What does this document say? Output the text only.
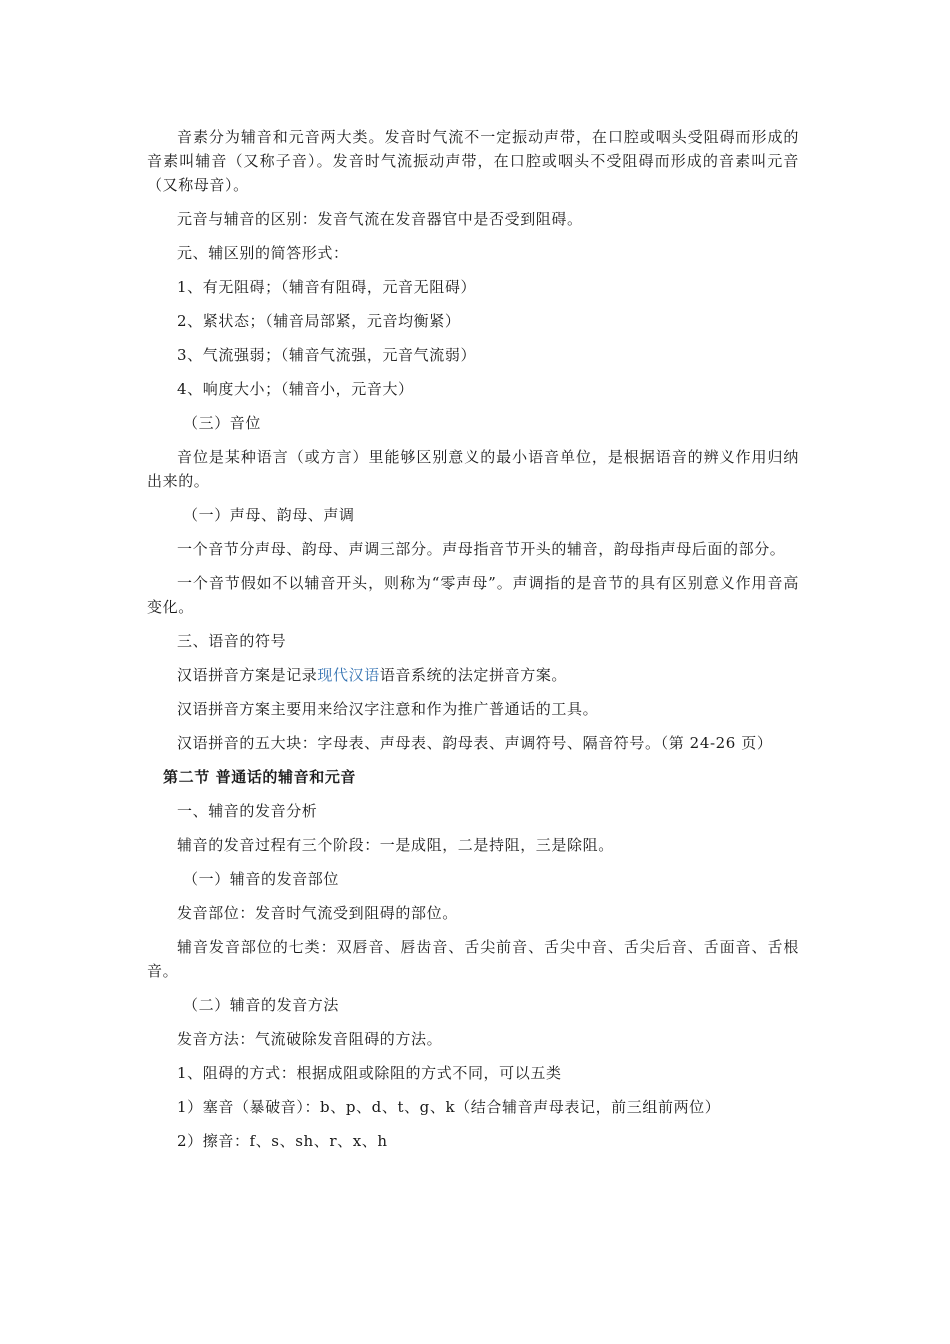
音素分为辅音和元音两大类。发音时气流不一定振动声带，在口腔或咽头受阻碍而形成的音素叫辅音（又称子音）。发音时气流振动声带，在口腔或咽头不受阻碍而形成的音素叫元音（又称母音）。

元音与辅音的区别：发音气流在发音器官中是否受到阻碍。

元、辅区别的简答形式：

1、有无阻碍；（辅音有阻碍，元音无阻碍）

2、紧状态；（辅音局部紧，元音均衡紧）

3、气流强弱；（辅音气流强，元音气流弱）

4、响度大小；（辅音小，元音大）

（三）音位

音位是某种语言（或方言）里能够区别意义的最小语音单位，是根据语音的辨义作用归纳出来的。

（一）声母、韵母、声调

一个音节分声母、韵母、声调三部分。声母指音节开头的辅音，韵母指声母后面的部分。

一个音节假如不以辅音开头，则称为“零声母”。声调指的是音节的具有区别意义作用音高变化。

三、语音的符号

汉语拼音方案是记录现代汉语语音系统的法定拼音方案。

汉语拼音方案主要用来给汉字注意和作为推广普通话的工具。

汉语拼音的五大块：字母表、声母表、韵母表、声调符号、隔音符号。（第 24-26 页）

第二节 普通话的辅音和元音

一、辅音的发音分析

辅音的发音过程有三个阶段：一是成阻，二是持阻，三是除阻。

（一）辅音的发音部位

发音部位：发音时气流受到阻碍的部位。

辅音发音部位的七类：双唇音、唇齿音、舌尖前音、舌尖中音、舌尖后音、舌面音、舌根音。

（二）辅音的发音方法

发音方法：气流破除发音阻碍的方法。

1、阻碍的方式：根据成阻或除阻的方式不同，可以五类

1）塞音（暴破音）：b、p、d、t、g、k（结合辅音声母表记，前三组前两位）

2）擦音：f、s、sh、r、x、h
